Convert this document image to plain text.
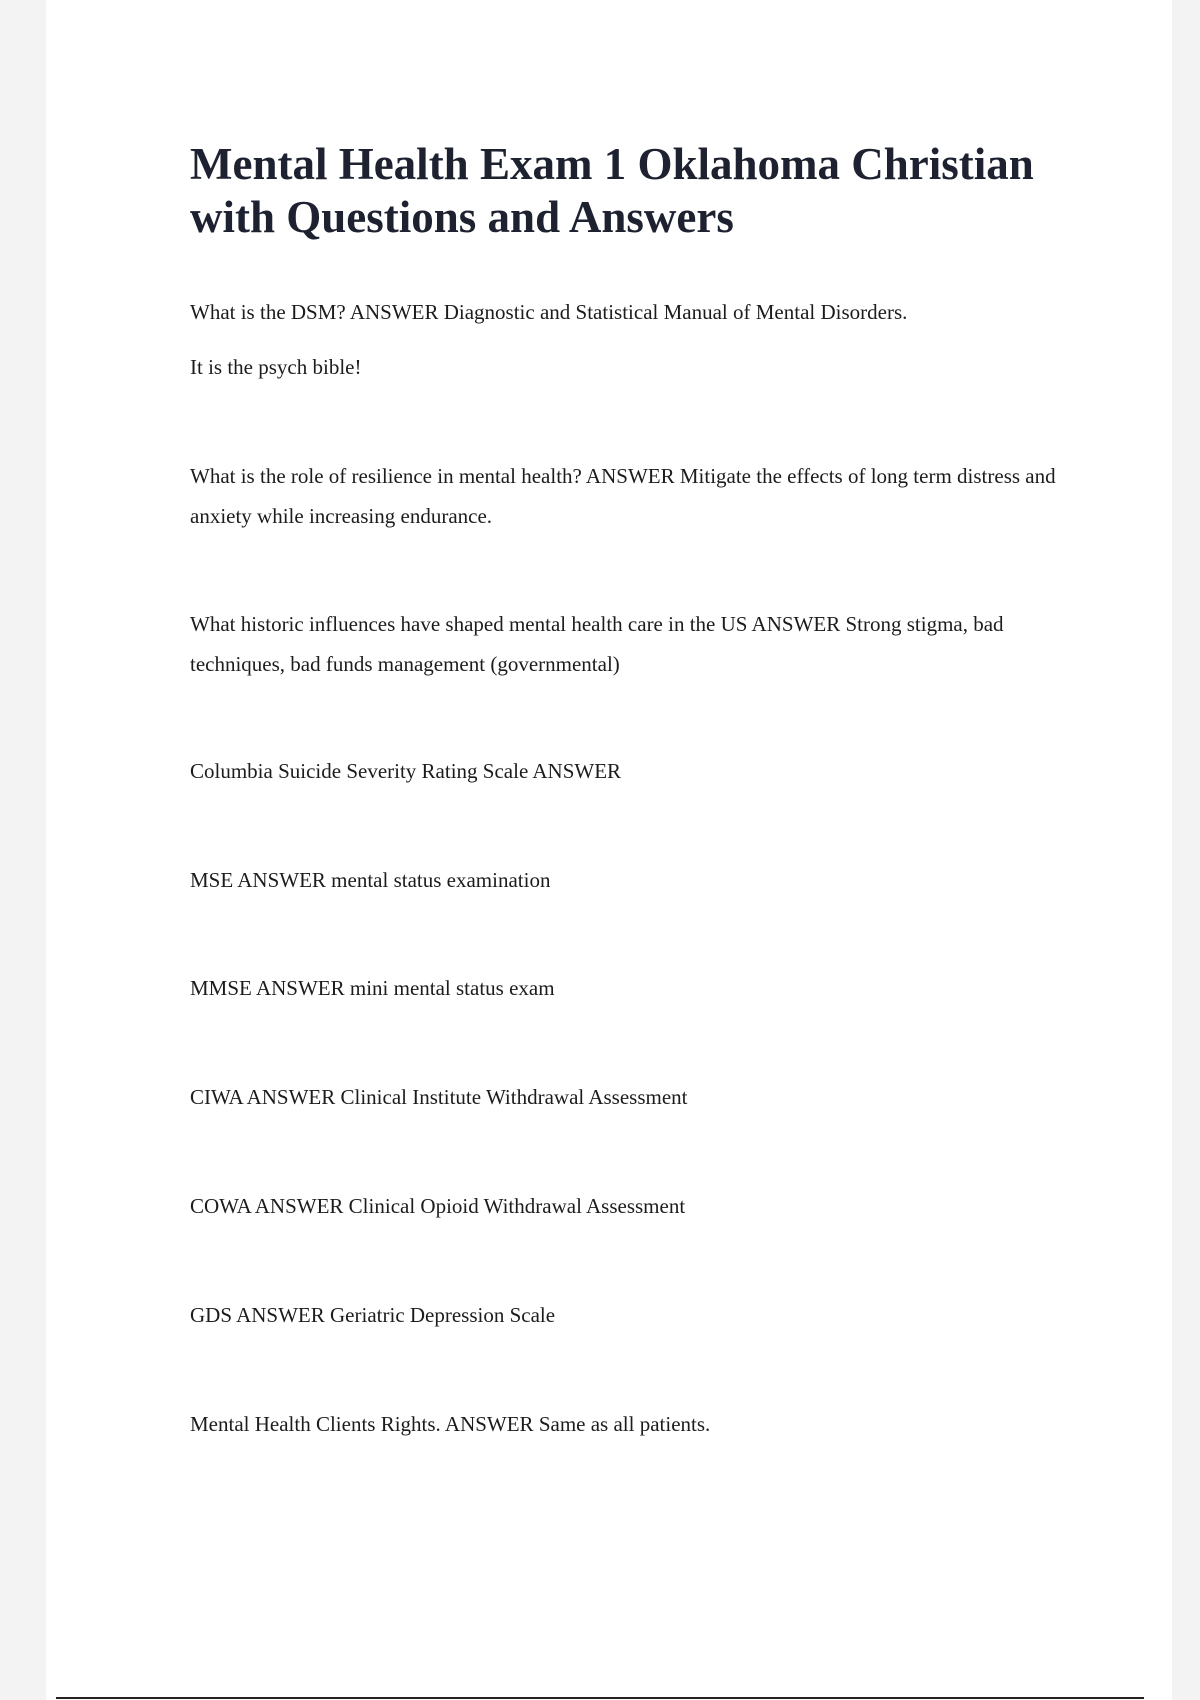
Mental Health Exam 1 Oklahoma Christian with Questions and Answers

What is the DSM? ANSWER Diagnostic and Statistical Manual of Mental Disorders.

It is the psych bible!

What is the role of resilience in mental health? ANSWER Mitigate the effects of long term distress and anxiety while increasing endurance.

What historic influences have shaped mental health care in the US ANSWER Strong stigma, bad techniques, bad funds management (governmental)

Columbia Suicide Severity Rating Scale ANSWER

MSE ANSWER mental status examination

MMSE ANSWER mini mental status exam

CIWA ANSWER Clinical Institute Withdrawal Assessment

COWA ANSWER Clinical Opioid Withdrawal Assessment

GDS ANSWER Geriatric Depression Scale

Mental Health Clients Rights. ANSWER Same as all patients.
